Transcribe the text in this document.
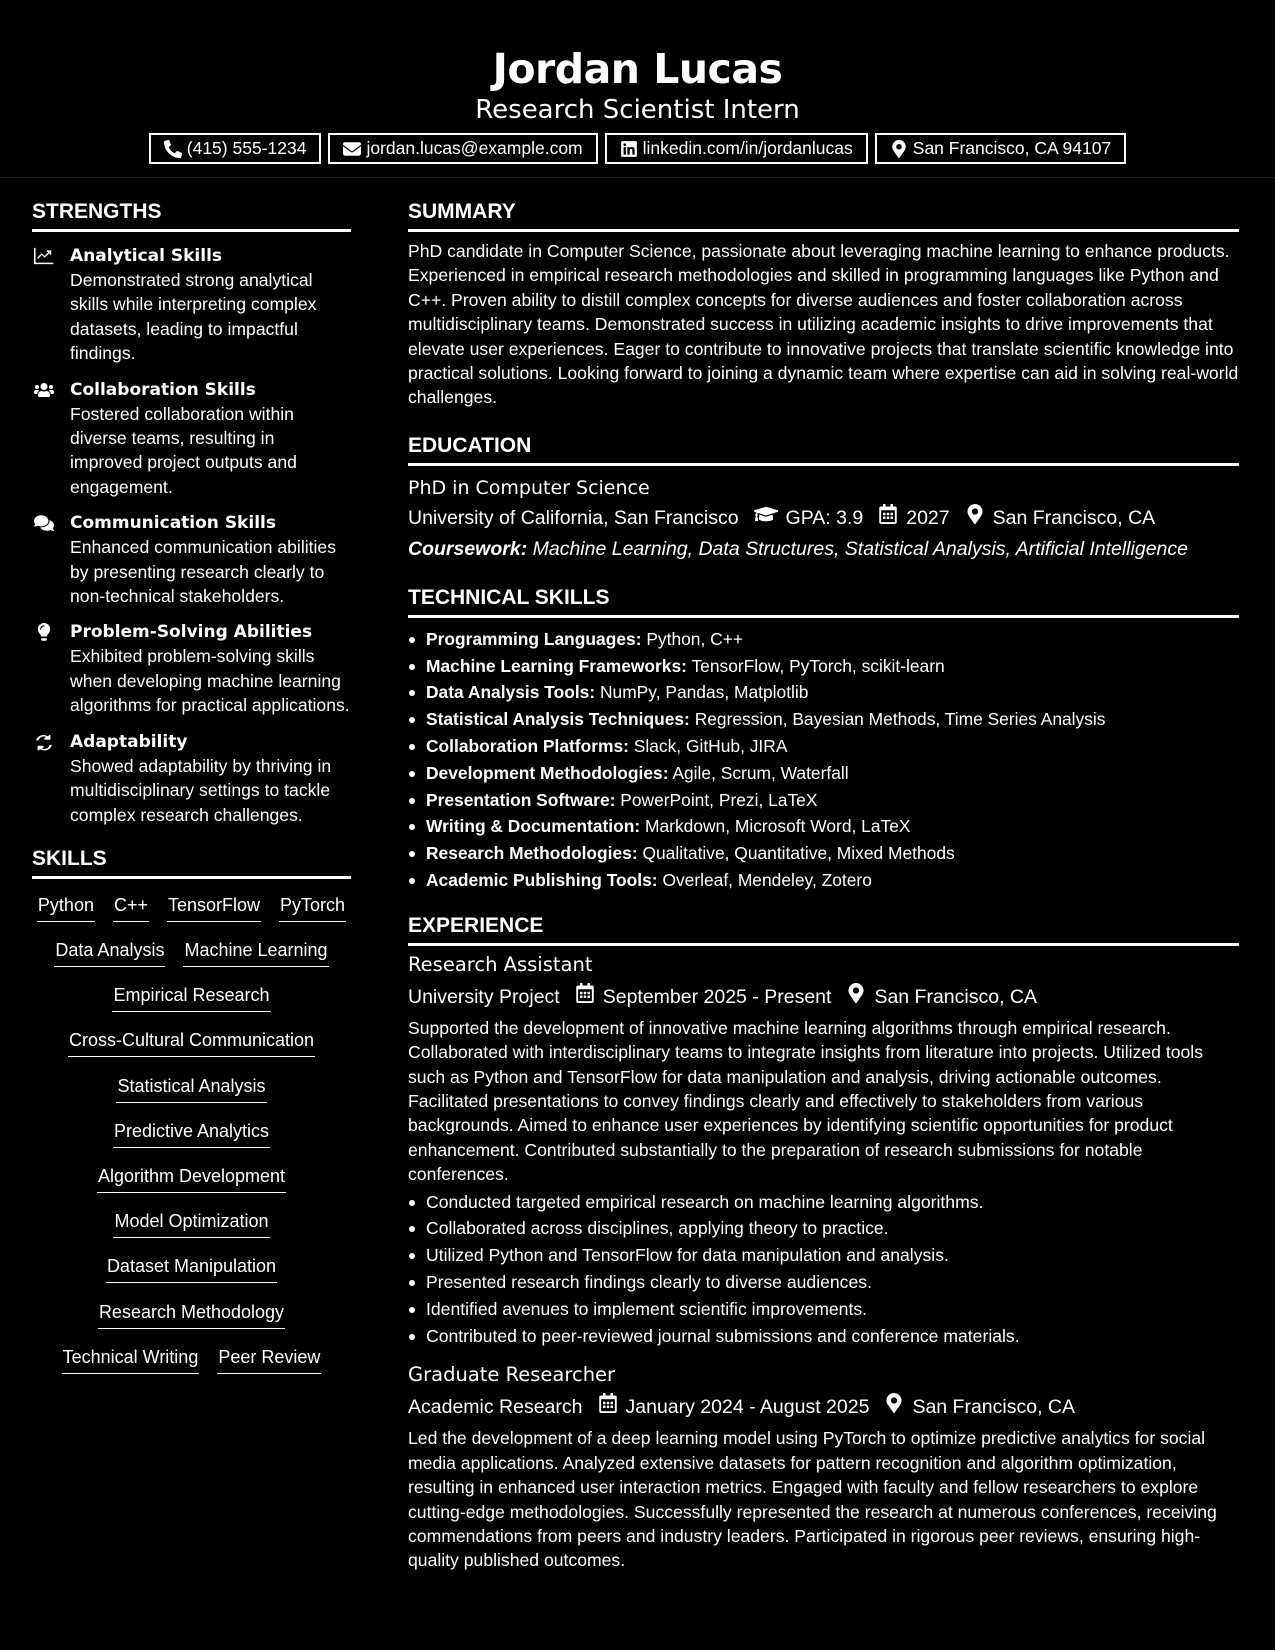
Jordan Lucas
Research Scientist Intern
(415) 555-1234	jordan.lucas@example.com	linkedin.com/in/jordanlucas	San Francisco, CA 94107
STRENGTHS
Analytical Skills
Demonstrated strong analytical skills while interpreting complex datasets, leading to impactful findings.
Collaboration Skills
Fostered collaboration within diverse teams, resulting in improved project outputs and engagement.
Communication Skills
Enhanced communication abilities by presenting research clearly to non-technical stakeholders.
Problem-Solving Abilities
Exhibited problem-solving skills when developing machine learning algorithms for practical applications.
Adaptability
Showed adaptability by thriving in multidisciplinary settings to tackle complex research challenges.
SKILLS
Python C++ TensorFlow PyTorch
Data Analysis Machine Learning
Empirical Research
Cross-Cultural Communication
Statistical Analysis
Predictive Analytics
Algorithm Development
Model Optimization
Dataset Manipulation
Research Methodology
Technical Writing Peer Review
SUMMARY
PhD candidate in Computer Science, passionate about leveraging machine learning to enhance products. Experienced in empirical research methodologies and skilled in programming languages like Python and C++. Proven ability to distill complex concepts for diverse audiences and foster collaboration across multidisciplinary teams. Demonstrated success in utilizing academic insights to drive improvements that elevate user experiences. Eager to contribute to innovative projects that translate scientific knowledge into practical solutions. Looking forward to joining a dynamic team where expertise can aid in solving real-world challenges.
EDUCATION
PhD in Computer Science
University of California, San Francisco GPA: 3.9 2027 San Francisco, CA
Coursework: Machine Learning, Data Structures, Statistical Analysis, Artificial Intelligence
TECHNICAL SKILLS
Programming Languages: Python, C++
Machine Learning Frameworks: TensorFlow, PyTorch, scikit-learn
Data Analysis Tools: NumPy, Pandas, Matplotlib
Statistical Analysis Techniques: Regression, Bayesian Methods, Time Series Analysis
Collaboration Platforms: Slack, GitHub, JIRA
Development Methodologies: Agile, Scrum, Waterfall
Presentation Software: PowerPoint, Prezi, LaTeX
Writing & Documentation: Markdown, Microsoft Word, LaTeX
Research Methodologies: Qualitative, Quantitative, Mixed Methods
Academic Publishing Tools: Overleaf, Mendeley, Zotero
EXPERIENCE
Research Assistant
University Project September 2025 - Present San Francisco, CA
Supported the development of innovative machine learning algorithms through empirical research. Collaborated with interdisciplinary teams to integrate insights from literature into projects. Utilized tools such as Python and TensorFlow for data manipulation and analysis, driving actionable outcomes. Facilitated presentations to convey findings clearly and effectively to stakeholders from various backgrounds. Aimed to enhance user experiences by identifying scientific opportunities for product enhancement. Contributed substantially to the preparation of research submissions for notable conferences.
Conducted targeted empirical research on machine learning algorithms.
Collaborated across disciplines, applying theory to practice.
Utilized Python and TensorFlow for data manipulation and analysis.
Presented research findings clearly to diverse audiences.
Identified avenues to implement scientific improvements.
Contributed to peer-reviewed journal submissions and conference materials.
Graduate Researcher
Academic Research January 2024 - August 2025 San Francisco, CA
Led the development of a deep learning model using PyTorch to optimize predictive analytics for social media applications. Analyzed extensive datasets for pattern recognition and algorithm optimization, resulting in enhanced user interaction metrics. Engaged with faculty and fellow researchers to explore cutting-edge methodologies. Successfully represented the research at numerous conferences, receiving commendations from peers and industry leaders. Participated in rigorous peer reviews, ensuring high-quality published outcomes.
